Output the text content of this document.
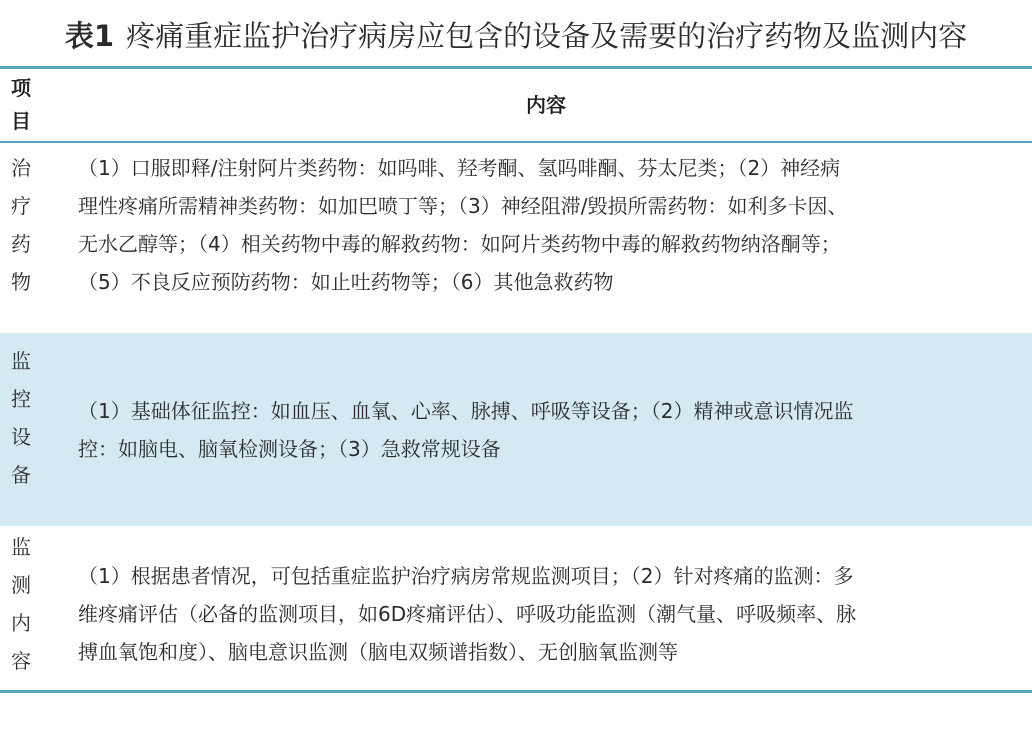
表1 疼痛重症监护治疗病房应包含的设备及需要的治疗药物及监测内容
项
目
内容
治
疗
药
物
（1）口服即释/注射阿片类药物：如吗啡、羟考酮、氢吗啡酮、芬太尼类；（2）神经病
理性疼痛所需精神类药物：如加巴喷丁等；（3）神经阻滞/毁损所需药物：如利多卡因、
无水乙醇等；（4）相关药物中毒的解救药物：如阿片类药物中毒的解救药物纳洛酮等；
（5）不良反应预防药物：如止吐药物等；（6）其他急救药物
监
控
设
备
（1）基础体征监控：如血压、血氧、心率、脉搏、呼吸等设备；（2）精神或意识情况监
控：如脑电、脑氧检测设备；（3）急救常规设备
监
测
内
容
（1）根据患者情况，可包括重症监护治疗病房常规监测项目；（2）针对疼痛的监测：多
维疼痛评估（必备的监测项目，如6D疼痛评估）、呼吸功能监测（潮气量、呼吸频率、脉
搏血氧饱和度）、脑电意识监测（脑电双频谱指数）、无创脑氧监测等
